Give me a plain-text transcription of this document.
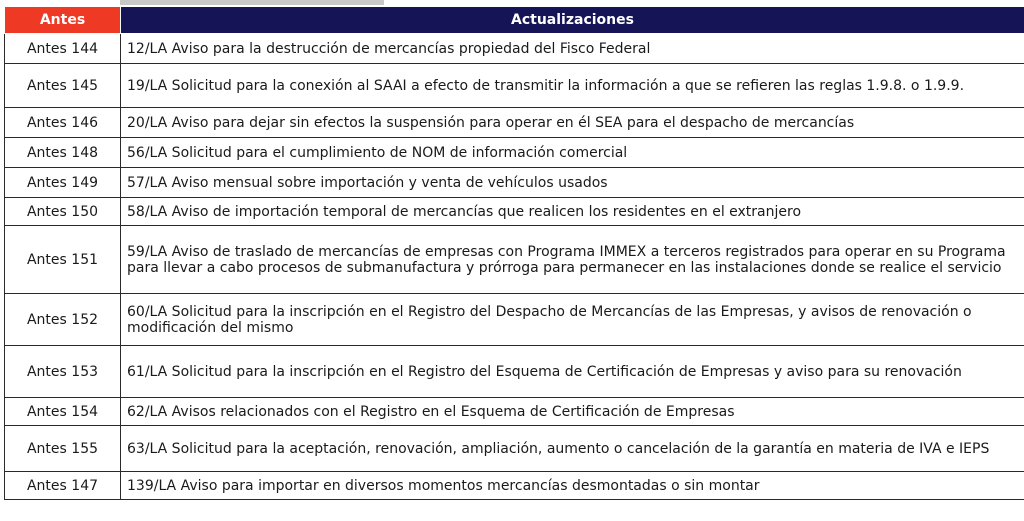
Antes	Actualizaciones
Antes 144	12/LA Aviso para la destrucción de mercancías propiedad del Fisco Federal
Antes 145	19/LA Solicitud para la conexión al SAAI a efecto de transmitir la información a que se refieren las reglas 1.9.8. o 1.9.9.
Antes 146	20/LA Aviso para dejar sin efectos la suspensión para operar en él SEA para el despacho de mercancías
Antes 148	56/LA Solicitud para el cumplimiento de NOM de información comercial
Antes 149	57/LA Aviso mensual sobre importación y venta de vehículos usados
Antes 150	58/LA Aviso de importación temporal de mercancías que realicen los residentes en el extranjero
Antes 151	59/LA Aviso de traslado de mercancías de empresas con Programa IMMEX a terceros registrados para operar en su Programa para llevar a cabo procesos de submanufactura y prórroga para permanecer en las instalaciones donde se realice el servicio
Antes 152	60/LA Solicitud para la inscripción en el Registro del Despacho de Mercancías de las Empresas, y avisos de renovación o modificación del mismo
Antes 153	61/LA Solicitud para la inscripción en el Registro del Esquema de Certificación de Empresas y aviso para su renovación
Antes 154	62/LA Avisos relacionados con el Registro en el Esquema de Certificación de Empresas
Antes 155	63/LA Solicitud para la aceptación, renovación, ampliación, aumento o cancelación de la garantía en materia de IVA e IEPS
Antes 147	139/LA Aviso para importar en diversos momentos mercancías desmontadas o sin montar
